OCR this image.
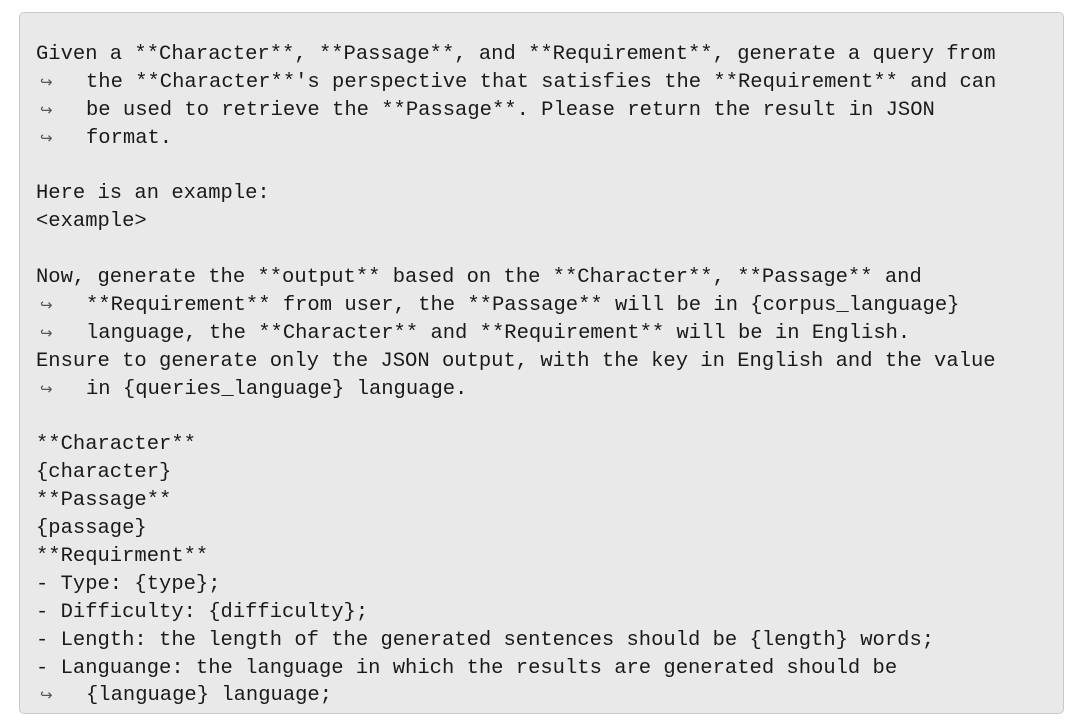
Given a **Character**, **Passage**, and **Requirement**, generate a query from
↪	the **Character**'s perspective that satisfies the **Requirement** and can
↪	be used to retrieve the **Passage**. Please return the result in JSON
↪	format.
Here is an example:
<example>
Now, generate the **output** based on the **Character**, **Passage** and
↪	**Requirement** from user, the **Passage** will be in {corpus_language}
↪	language, the **Character** and **Requirement** will be in English.
Ensure to generate only the JSON output, with the key in English and the value
↪	in {queries_language} language.
**Character**
{character}
**Passage**
{passage}
**Requirment**
- Type: {type};
- Difficulty: {difficulty};
- Length: the length of the generated sentences should be {length} words;
- Languange: the language in which the results are generated should be
↪	{language} language;
